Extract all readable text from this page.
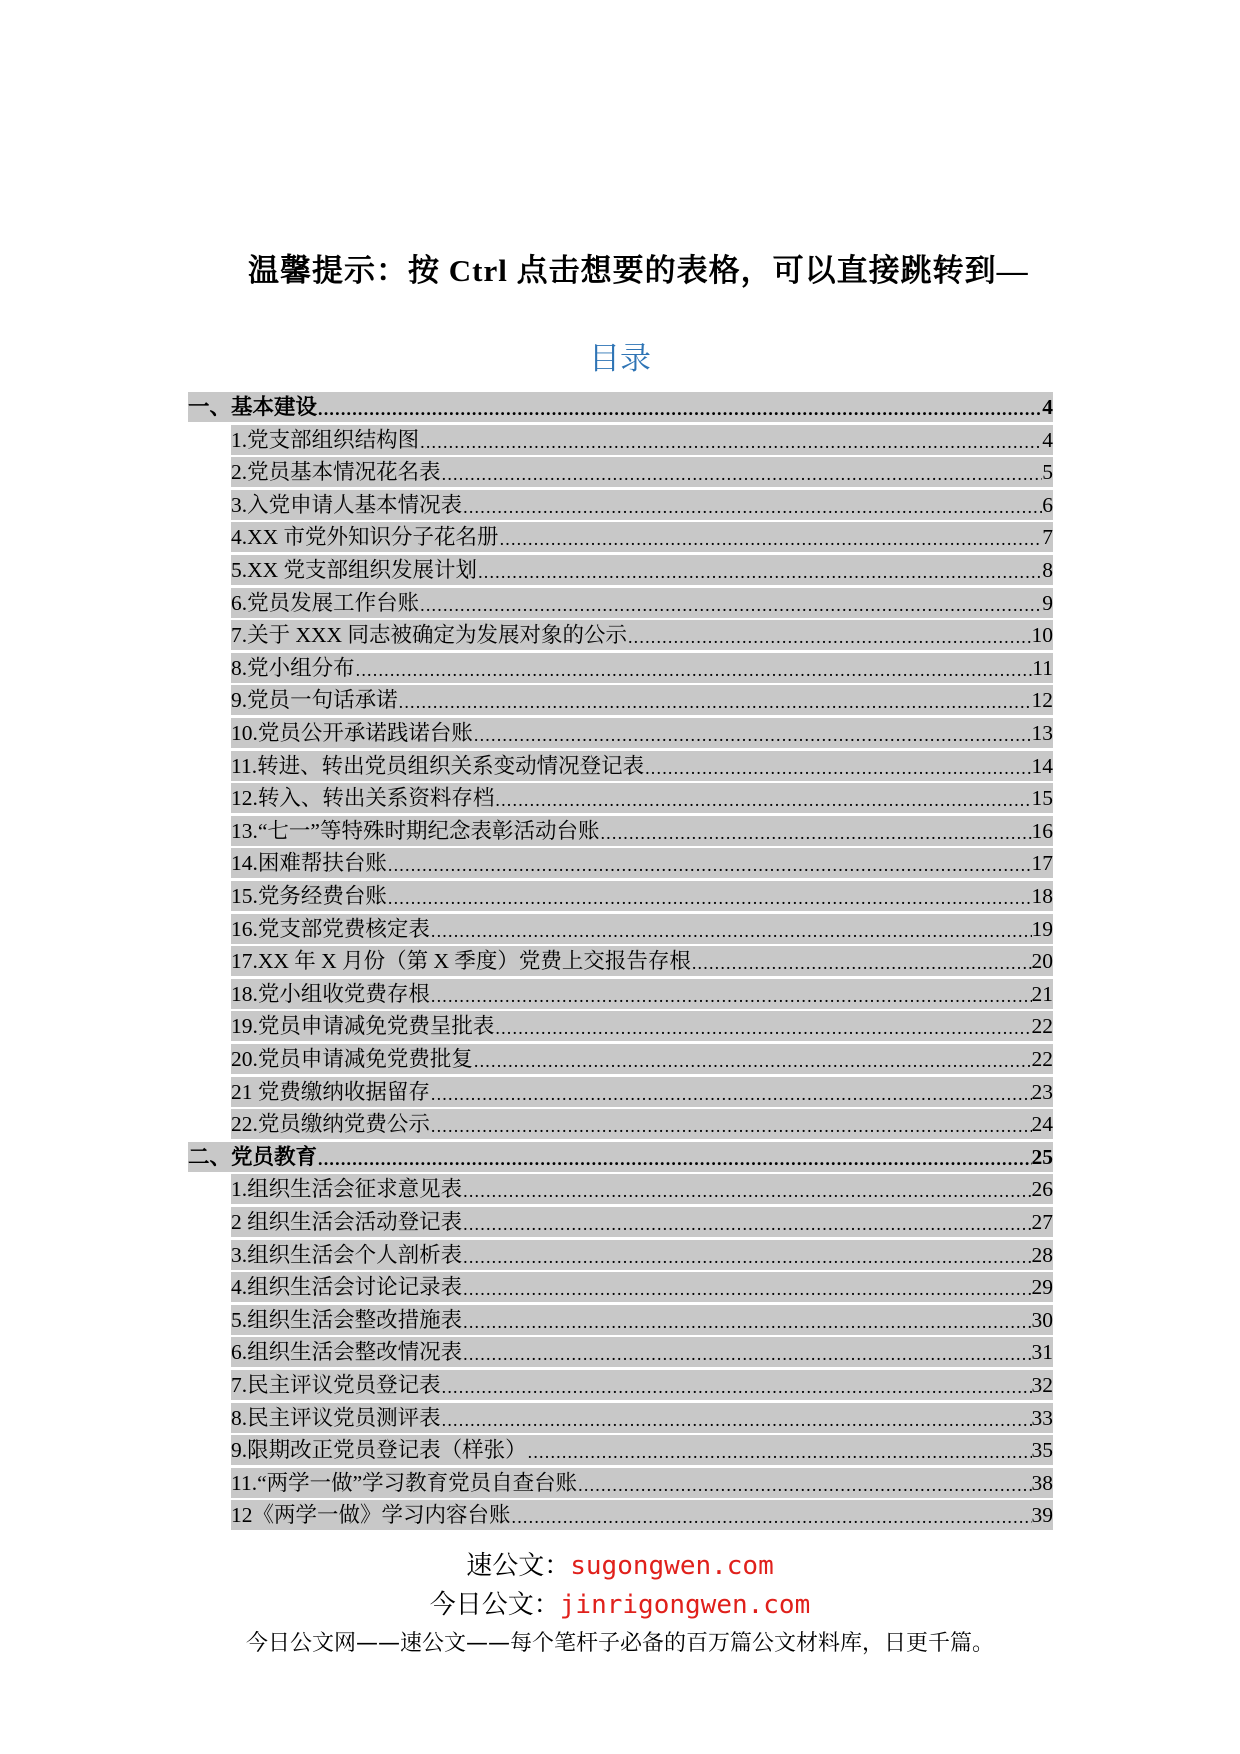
温馨提示：按 Ctrl 点击想要的表格，可以直接跳转到—
目录
一、基本建设 .....	4
1.党支部组织结构图 .....	4
2.党员基本情况花名表 .....	5
3.入党申请人基本情况表 .....	6
4.XX 市党外知识分子花名册 .....	7
5.XX 党支部组织发展计划 .....	8
6.党员发展工作台账 .....	9
7.关于 XXX 同志被确定为发展对象的公示 .....	10
8.党小组分布 .....	11
9.党员一句话承诺 .....	12
10.党员公开承诺践诺台账 .....	13
11.转进、转出党员组织关系变动情况登记表 .....	14
12.转入、转出关系资料存档 .....	15
13.“七一”等特殊时期纪念表彰活动台账 .....	16
14.困难帮扶台账 .....	17
15.党务经费台账 .....	18
16.党支部党费核定表 .....	19
17.XX 年 X 月份（第 X 季度）党费上交报告存根 .....	20
18.党小组收党费存根 .....	21
19.党员申请减免党费呈批表 .....	22
20.党员申请减免党费批复 .....	22
21 党费缴纳收据留存 .....	23
22.党员缴纳党费公示 .....	24
二、党员教育 .....	25
1.组织生活会征求意见表 .....	26
2 组织生活会活动登记表 .....	27
3.组织生活会个人剖析表 .....	28
4.组织生活会讨论记录表 .....	29
5.组织生活会整改措施表 .....	30
6.组织生活会整改情况表 .....	31
7.民主评议党员登记表 .....	32
8.民主评议党员测评表 .....	33
9.限期改正党员登记表（样张） .....	35
11.“两学一做”学习教育党员自查台账 .....	38
12《两学一做》学习内容台账 .....	39
速公文：sugongwen.com
今日公文：jinrigongwen.com
今日公文网——速公文——每个笔杆子必备的百万篇公文材料库，日更千篇。
